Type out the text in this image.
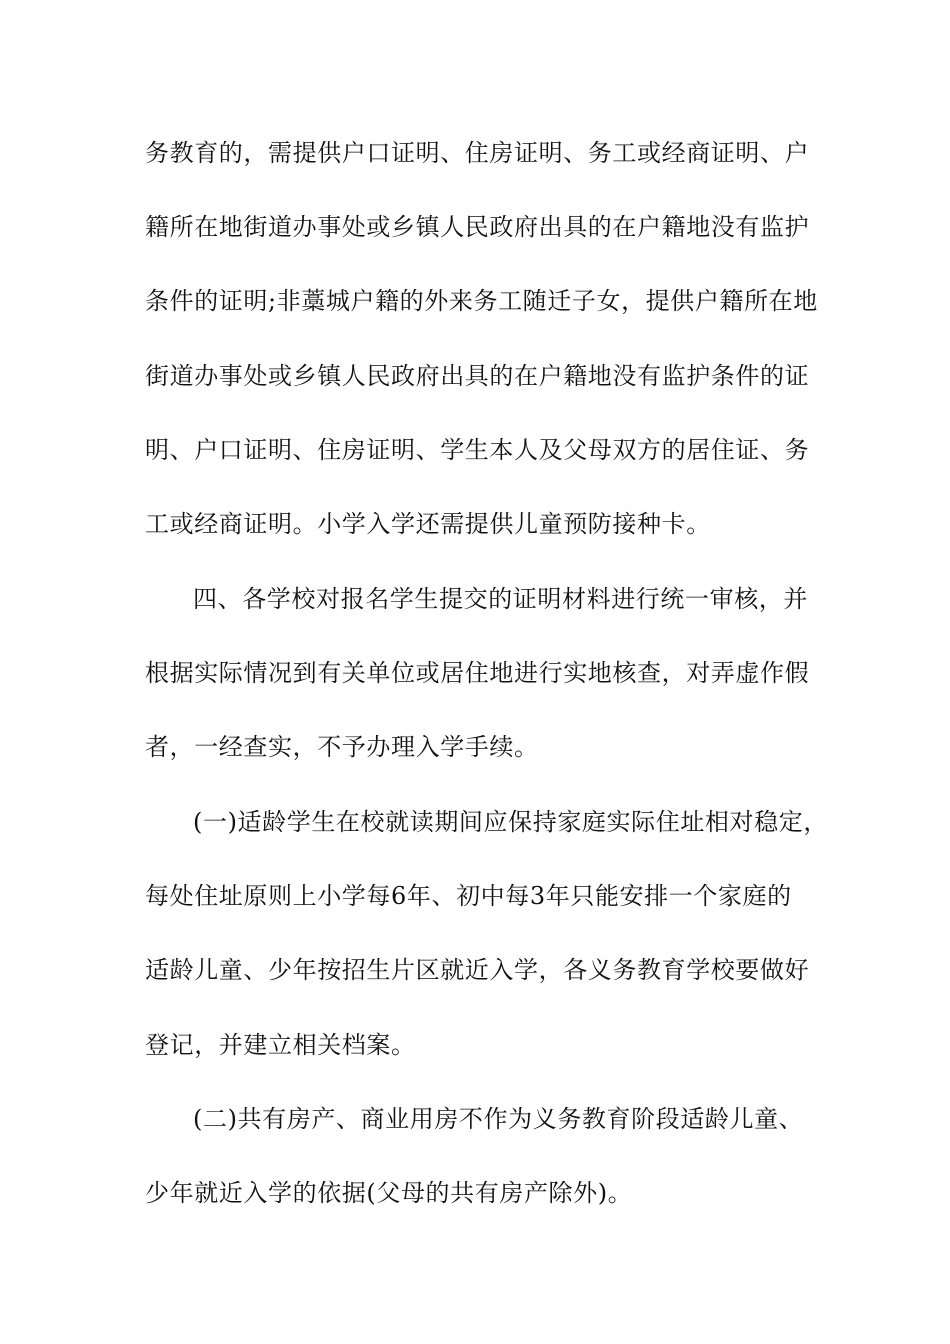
务教育的，需提供户口证明、住房证明、务工或经商证明、户
籍所在地街道办事处或乡镇人民政府出具的在户籍地没有监护
条件的证明;非藁城户籍的外来务工随迁子女，提供户籍所在地
街道办事处或乡镇人民政府出具的在户籍地没有监护条件的证
明、户口证明、住房证明、学生本人及父母双方的居住证、务
工或经商证明。小学入学还需提供儿童预防接种卡。
四、各学校对报名学生提交的证明材料进行统一审核，并
根据实际情况到有关单位或居住地进行实地核查，对弄虚作假
者，一经查实，不予办理入学手续。
(一)适龄学生在校就读期间应保持家庭实际住址相对稳定，
每处住址原则上小学每6年、初中每3年只能安排一个家庭的
适龄儿童、少年按招生片区就近入学，各义务教育学校要做好
登记，并建立相关档案。
(二)共有房产、商业用房不作为义务教育阶段适龄儿童、
少年就近入学的依据(父母的共有房产除外)。
